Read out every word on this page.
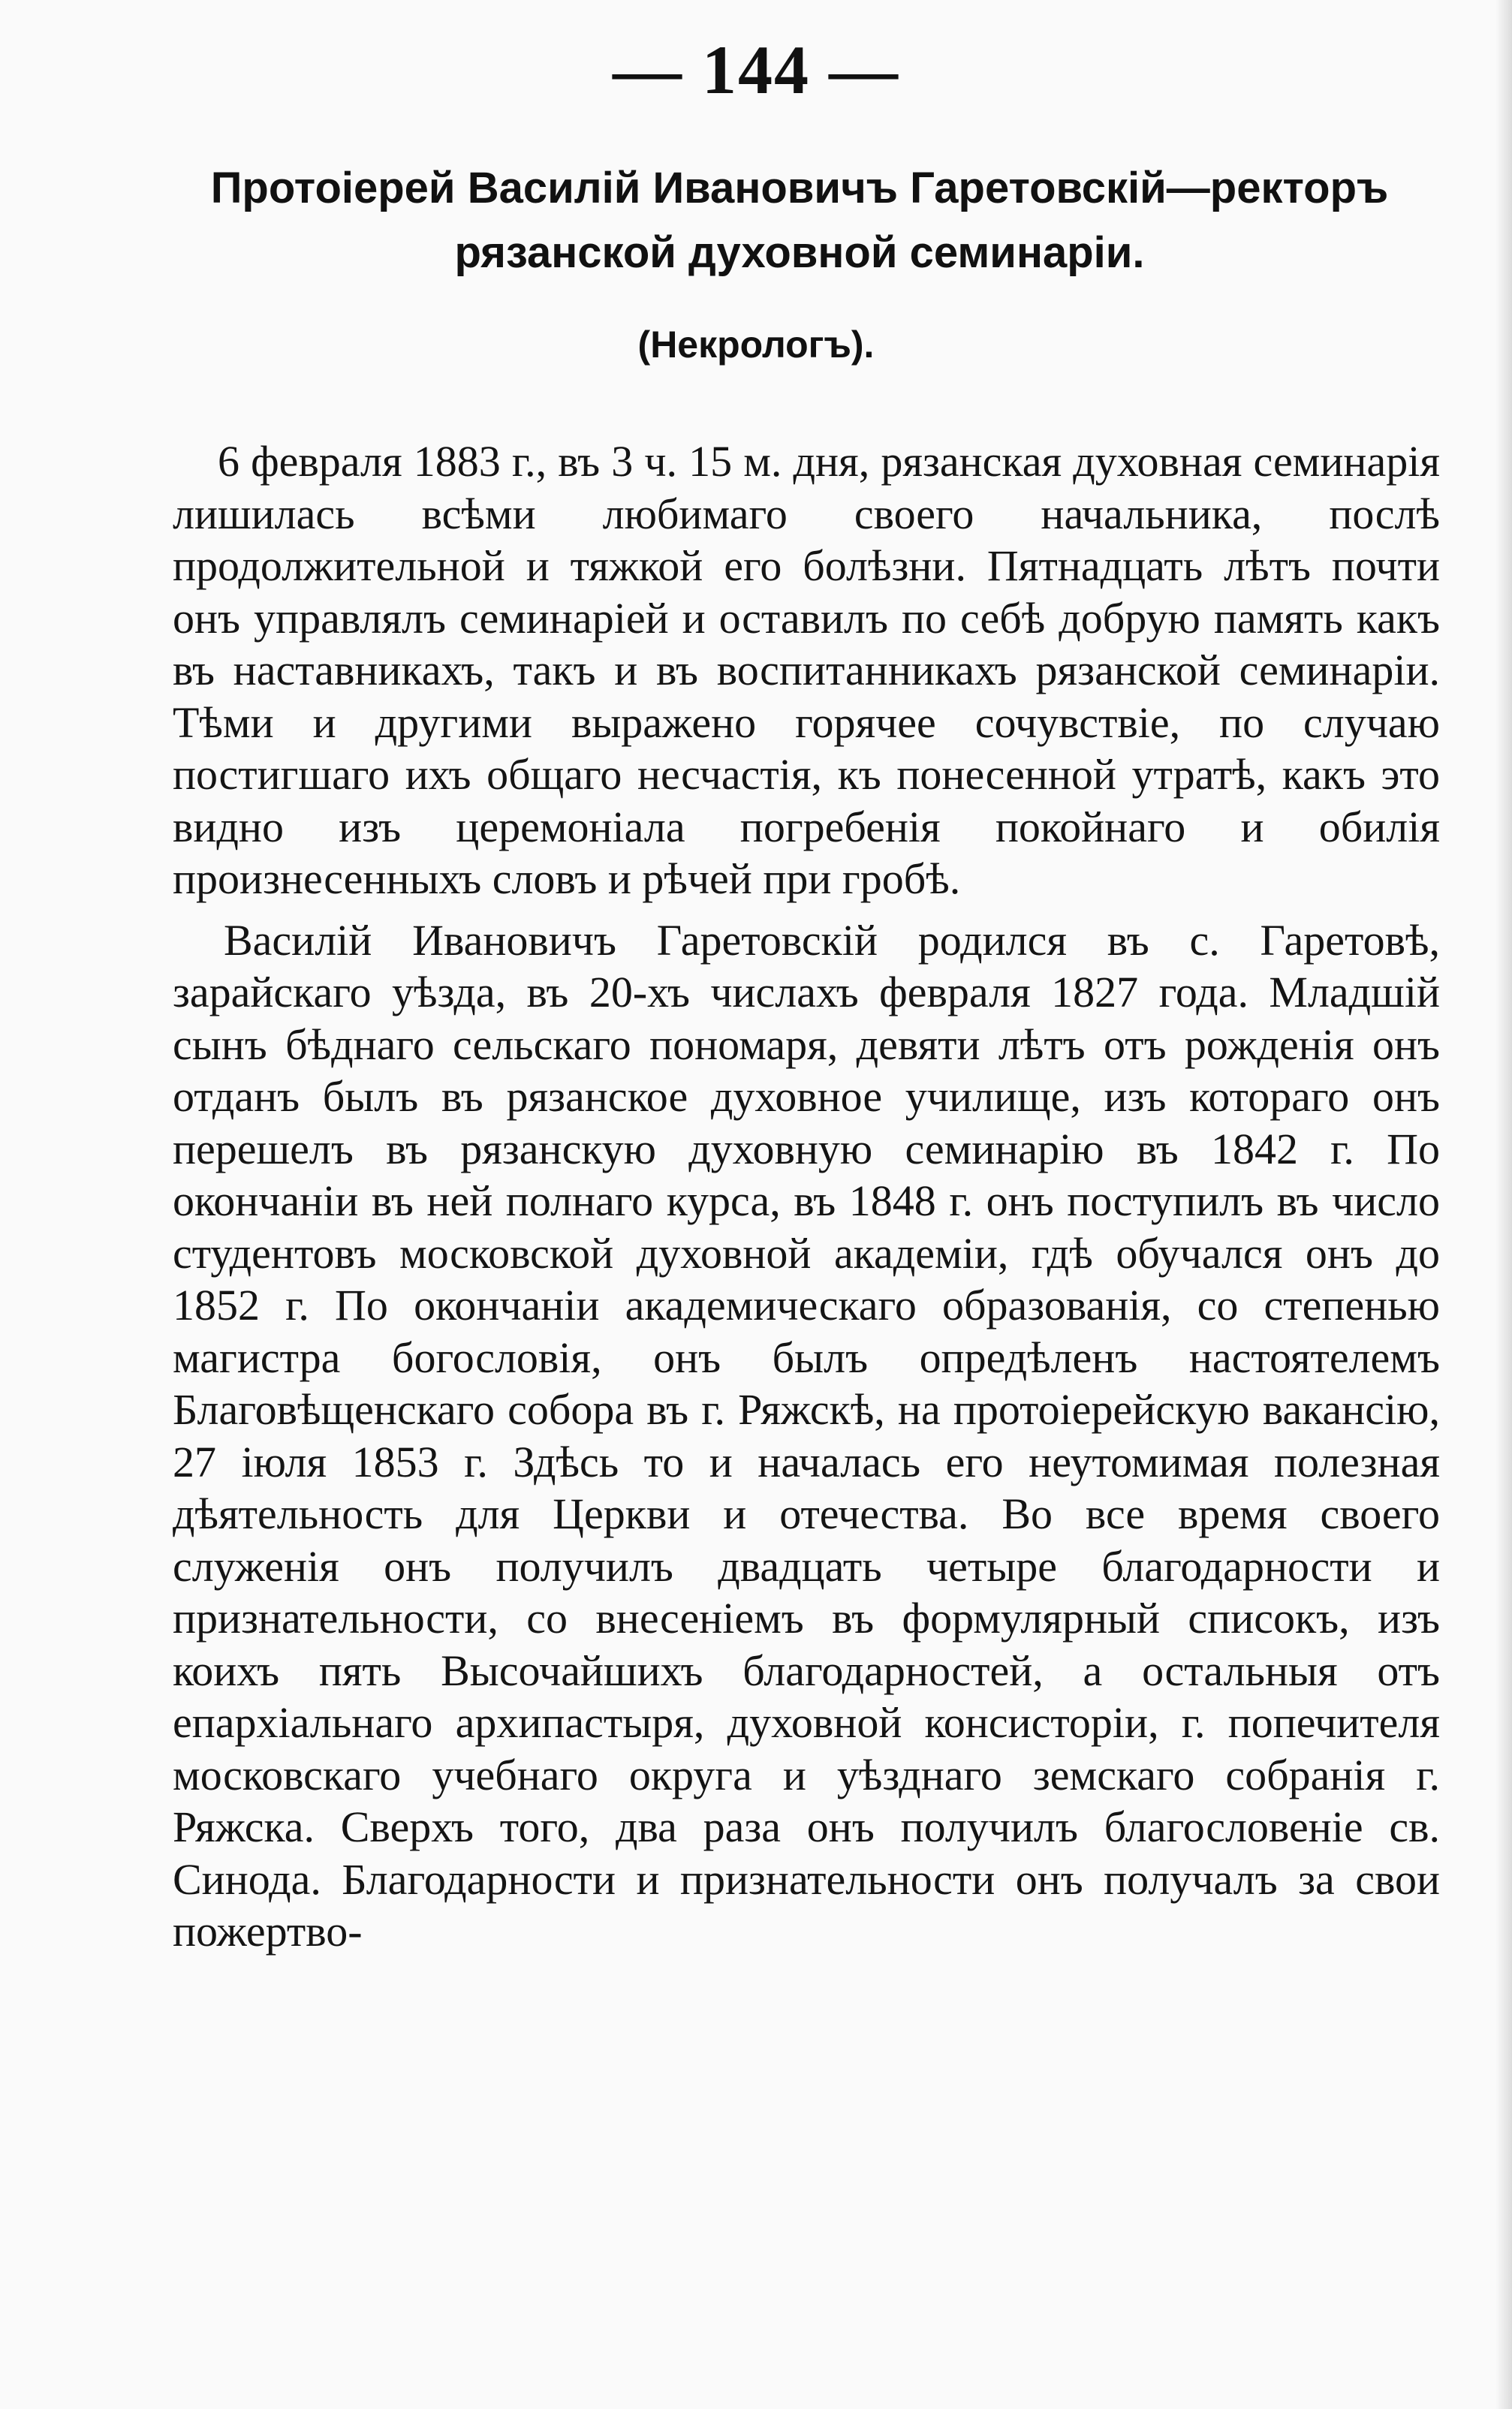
— 144 —
Протоіерей Василій Ивановичъ Гаретовскій—ректоръ рязанской духовной семинаріи.
(Некрологъ).

6 февраля 1883 г., въ 3 ч. 15 м. дня, рязанская духовная семинарія лишилась всѣми любимаго своего начальника, послѣ продолжительной и тяжкой его болѣзни. Пятнадцать лѣтъ почти онъ управлялъ семинаріей и оставилъ по себѣ добрую память какъ въ наставникахъ, такъ и въ воспитанникахъ рязанской семинаріи. Тѣми и другими выражено горячее сочувствіе, по случаю постигшаго ихъ общаго несчастія, къ понесенной утратѣ, какъ это видно изъ церемоніала погребенія покойнаго и обилія произнесенныхъ словъ и рѣчей при гробѣ.

Василій Ивановичъ Гаретовскій родился въ с. Гаретовѣ, зарайскаго уѣзда, въ 20-хъ числахъ февраля 1827 года. Младшій сынъ бѣднаго сельскаго пономаря, девяти лѣтъ отъ рожденія онъ отданъ былъ въ рязанское духовное училище, изъ котораго онъ перешелъ въ рязанскую духовную семинарію въ 1842 г. По окончаніи въ ней полнаго курса, въ 1848 г. онъ поступилъ въ число студентовъ московской духовной академіи, гдѣ обучался онъ до 1852 г. По окончаніи академическаго образованія, со степенью магистра богословія, онъ былъ опредѣленъ настоятелемъ Благовѣщенскаго собора въ г. Ряжскѣ, на протоіерейскую вакансію, 27 іюля 1853 г. Здѣсь то и началась его неутомимая полезная дѣятельность для Церкви и отечества. Во все время своего служенія онъ получилъ двадцать четыре благодарности и признательности, со внесеніемъ въ формулярный списокъ, изъ коихъ пять Высочайшихъ благодарностей, а остальныя отъ епархіальнаго архипастыря, духовной консисторіи, г. попечителя московскаго учебнаго округа и уѣзднаго земскаго собранія г. Ряжска. Сверхъ того, два раза онъ получилъ благословеніе св. Синода. Благодарности и признательности онъ получалъ за свои пожертво-
